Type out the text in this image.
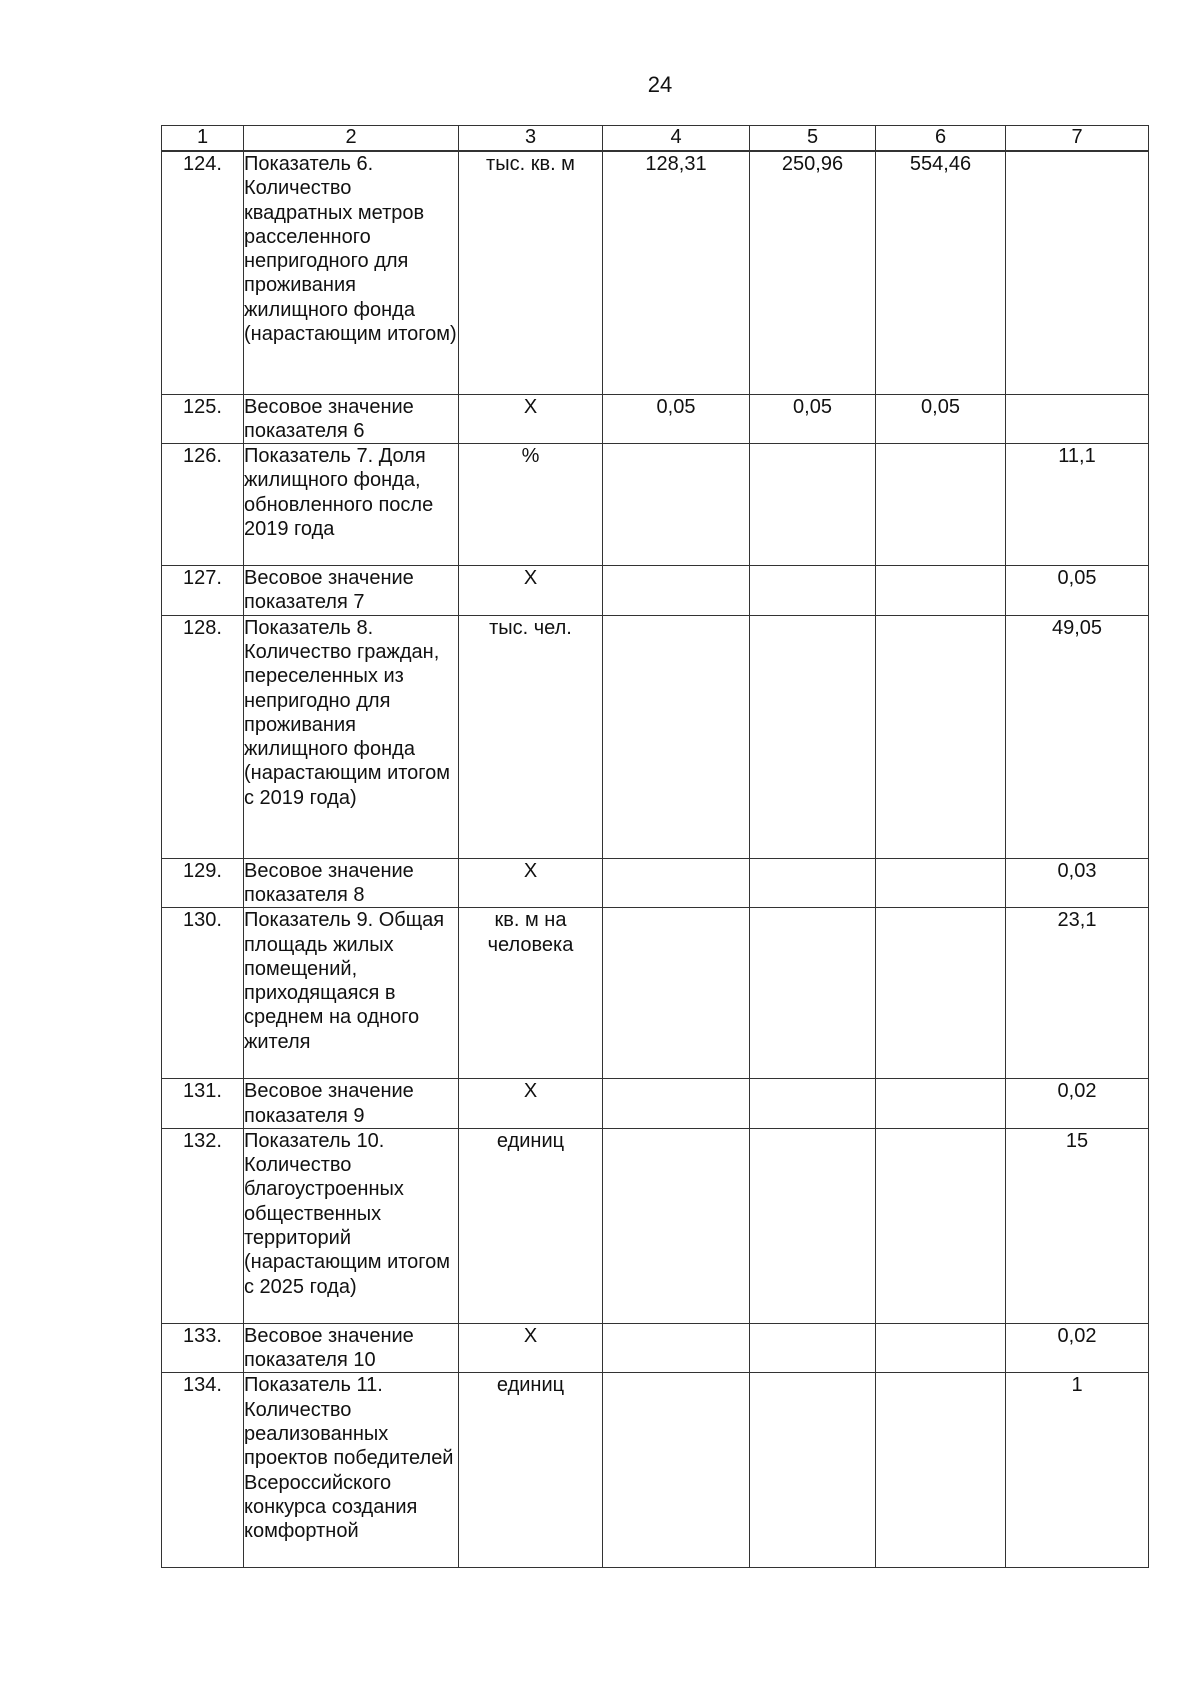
24
1	2	3	4	5	6	7
124.	Показатель 6. Количество квадратных метров расселенного непригодного для проживания жилищного фонда (нарастающим итогом)	тыс. кв. м	128,31	250,96	554,46	
125.	Весовое значение показателя 6	Х	0,05	0,05	0,05	
126.	Показатель 7. Доля жилищного фонда, обновленного после 2019 года	%				11,1
127.	Весовое значение показателя 7	Х				0,05
128.	Показатель 8. Количество граждан, переселенных из непригодно для проживания жилищного фонда (нарастающим итогом с 2019 года)	тыс. чел.				49,05
129.	Весовое значение показателя 8	Х				0,03
130.	Показатель 9. Общая площадь жилых помещений, приходящаяся в среднем на одного жителя	кв. м на человека				23,1
131.	Весовое значение показателя 9	Х				0,02
132.	Показатель 10. Количество благоустроенных общественных территорий (нарастающим итогом с 2025 года)	единиц				15
133.	Весовое значение показателя 10	Х				0,02
134.	Показатель 11. Количество реализованных проектов победителей Всероссийского конкурса создания комфортной	единиц				1
